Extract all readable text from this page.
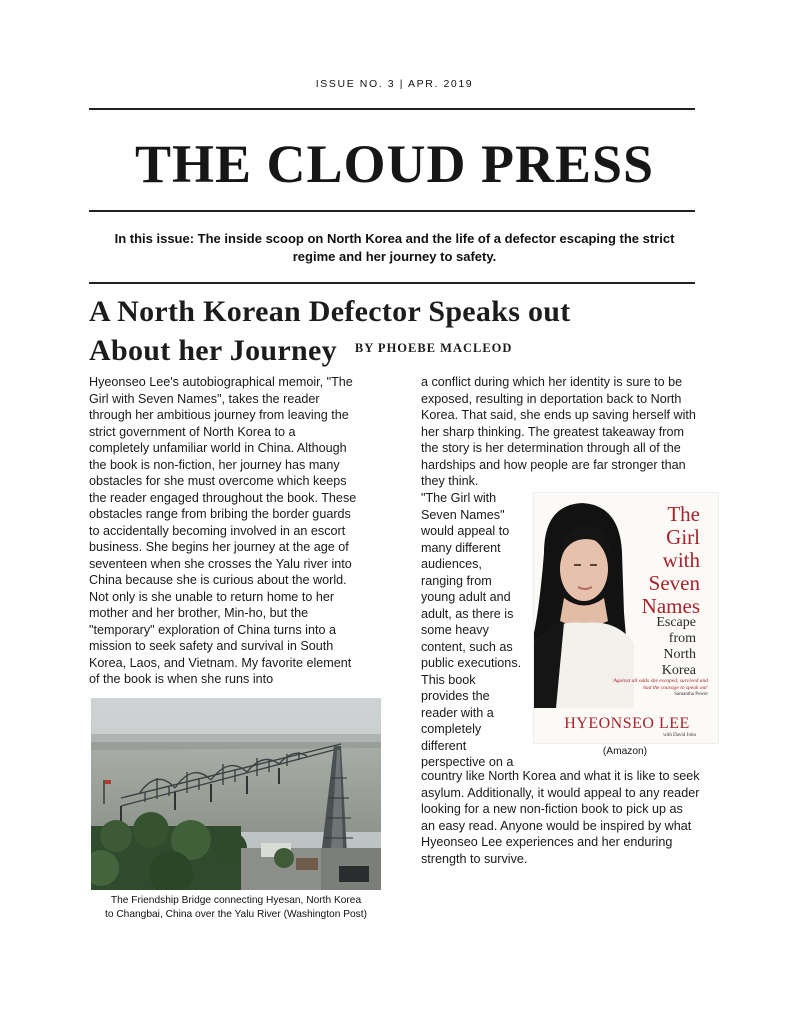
ISSUE NO. 3 | APR. 2019
THE CLOUD PRESS
In this issue: The inside scoop on North Korea and the life of a defector escaping the strict
regime and her journey to safety.
A North Korean Defector Speaks out
About her Journey $^{BY PHOEBE MACLEOD}$
Hyeonseo Lee's autobiographical memoir, "The
Girl with Seven Names", takes the reader
through her ambitious journey from leaving the
strict government of North Korea to a
completely unfamiliar world in China. Although
the book is non-fiction, her journey has many
obstacles for she must overcome which keeps
the reader engaged throughout the book. These
obstacles range from bribing the border guards
to accidentally becoming involved in an escort
business. She begins her journey at the age of
seventeen when she crosses the Yalu river into
China because she is curious about the world.
Not only is she unable to return home to her
mother and her brother, Min-ho, but the
"temporary" exploration of China turns into a
mission to seek safety and survival in South
Korea, Laos, and Vietnam. My favorite element
of the book is when she runs into
The Friendship Bridge connecting Hyesan, North Korea
to Changbai, China over the Yalu River (Washington Post)
a conflict during which her identity is sure to be
exposed, resulting in deportation back to North
Korea. That said, she ends up saving herself with
her sharp thinking. The greatest takeaway from
the story is her determination through all of the
hardships and how people are far stronger than
they think.
"The Girl with
Seven Names"
would appeal to
many different
audiences,
ranging from
young adult and
adult, as there is
some heavy
content, such as
public executions.
This book
provides the
reader with a
completely
different
perspective on a
The
Girl
with
Seven
Names
Escape
from
North
Korea
'Against all odds she escaped, survived and had the courage to speak out'
Samantha Power
HYEONSEO LEE
with David John
(Amazon)
country like North Korea and what it is like to seek
asylum. Additionally, it would appeal to any reader
looking for a new non-fiction book to pick up as
an easy read. Anyone would be inspired by what
Hyeonseo Lee experiences and her enduring
strength to survive.
